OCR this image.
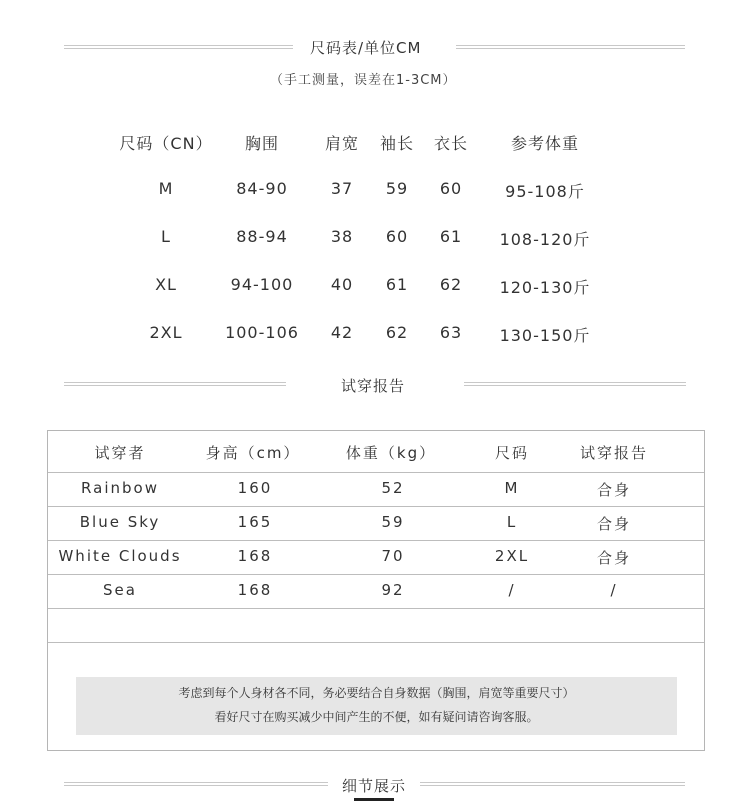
尺码表/单位CM
（手工测量，误差在1-3CM）
尺码（CN） 胸围	肩宽 袖长 衣长	参考体重
M	84-90	37 59 60	95-108斤
L	88-94	38 60 61 108-120斤
XL	94-100 40 61 62 120-130斤
2XL	100-106 42 62 63 130-150斤
试穿报告
试穿者	身高（cm）	体重（kg）	尺码	试穿报告
Rainbow	160	52	M	合身
Blue Sky	165	59	L	合身
White Clouds	168	70	2XL	合身
Sea	168	92	/	/
考虑到每个人身材各不同，务必要结合自身数据（胸围，肩宽等重要尺寸）
看好尺寸在购买减少中间产生的不便，如有疑问请咨询客服。
细节展示
